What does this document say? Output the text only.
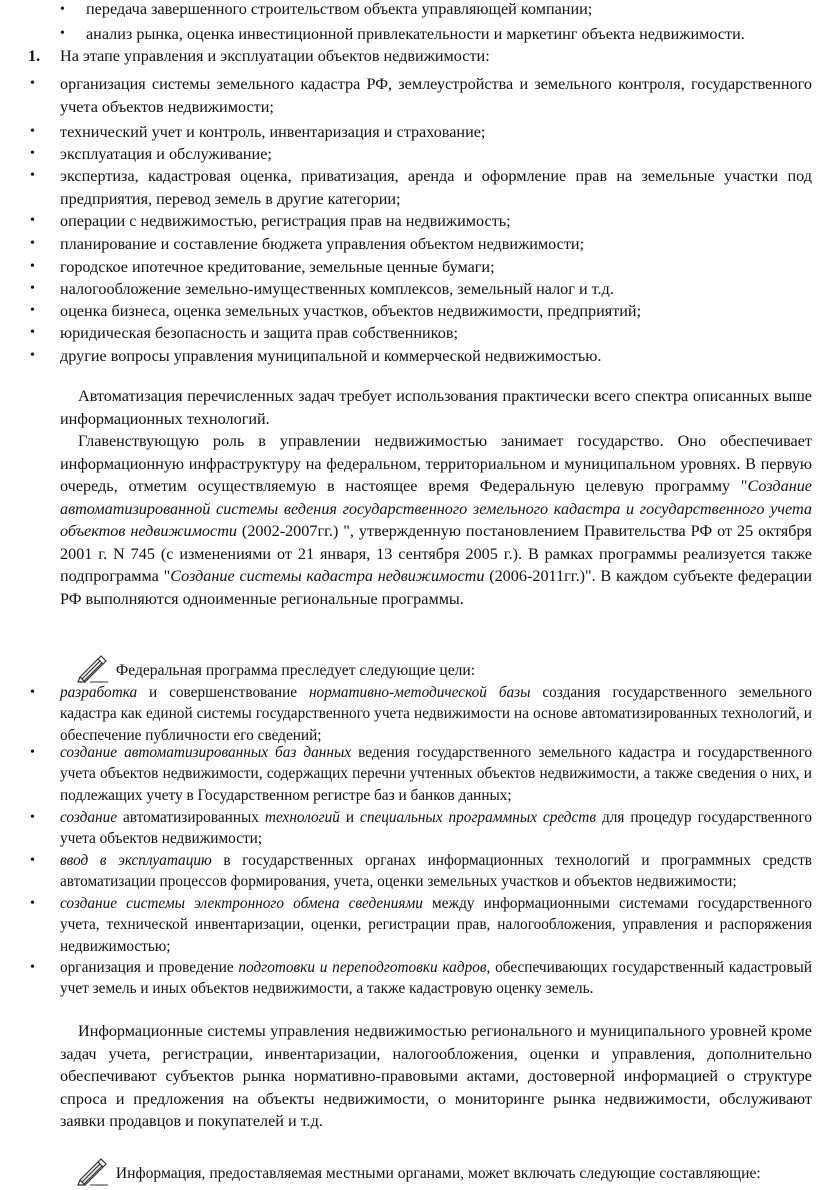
• передача завершенного строительством объекта управляющей компании;
• анализ рынка, оценка инвестиционной привлекательности и маркетинг объекта недвижимости.
1. На этапе управления и эксплуатации объектов недвижимости:
• организация системы земельного кадастра РФ, землеустройства и земельного контроля, государственного учета объектов недвижимости;
• технический учет и контроль, инвентаризация и страхование;
• эксплуатация и обслуживание;
• экспертиза, кадастровая оценка, приватизация, аренда и оформление прав на земельные участки под предприятия, перевод земель в другие категории;
• операции с недвижимостью, регистрация прав на недвижимость;
• планирование и составление бюджета управления объектом недвижимости;
• городское ипотечное кредитование, земельные ценные бумаги;
• налогообложение земельно-имущественных комплексов, земельный налог и т.д.
• оценка бизнеса, оценка земельных участков, объектов недвижимости, предприятий;
• юридическая безопасность и защита прав собственников;
• другие вопросы управления муниципальной и коммерческой недвижимостью.
Автоматизация перечисленных задач требует использования практически всего спектра описанных выше информационных технологий.
Главенствующую роль в управлении недвижимостью занимает государство. Оно обеспечивает информационную инфраструктуру на федеральном, территориальном и муниципальном уровнях. В первую очередь, отметим осуществляемую в настоящее время Федеральную целевую программу "Создание автоматизированной системы ведения государственного земельного кадастра и государственного учета объектов недвижимости (2002-2007гг.) ", утвержденную постановлением Правительства РФ от 25 октября 2001 г. N 745 (с изменениями от 21 января, 13 сентября 2005 г.). В рамках программы реализуется также подпрограмма "Создание системы кадастра недвижимости (2006-2011гг.)". В каждом субъекте федерации РФ выполняются одноименные региональные программы.
Федеральная программа преследует следующие цели:
• разработка и совершенствование нормативно-методической базы создания государственного земельного кадастра как единой системы государственного учета недвижимости на основе автоматизированных технологий, и обеспечение публичности его сведений;
• создание автоматизированных баз данных ведения государственного земельного кадастра и государственного учета объектов недвижимости, содержащих перечни учтенных объектов недвижимости, а также сведения о них, и подлежащих учету в Государственном регистре баз и банков данных;
• создание автоматизированных технологий и специальных программных средств для процедур государственного учета объектов недвижимости;
• ввод в эксплуатацию в государственных органах информационных технологий и программных средств автоматизации процессов формирования, учета, оценки земельных участков и объектов недвижимости;
• создание системы электронного обмена сведениями между информационными системами государственного учета, технической инвентаризации, оценки, регистрации прав, налогообложения, управления и распоряжения недвижимостью;
• организация и проведение подготовки и переподготовки кадров, обеспечивающих государственный кадастровый учет земель и иных объектов недвижимости, а также кадастровую оценку земель.
Информационные системы управления недвижимостью регионального и муниципального уровней кроме задач учета, регистрации, инвентаризации, налогообложения, оценки и управления, дополнительно обеспечивают субъектов рынка нормативно-правовыми актами, достоверной информацией о структуре спроса и предложения на объекты недвижимости, о мониторинге рынка недвижимости, обслуживают заявки продавцов и покупателей и т.д.
Информация, предоставляемая местными органами, может включать следующие составляющие:
